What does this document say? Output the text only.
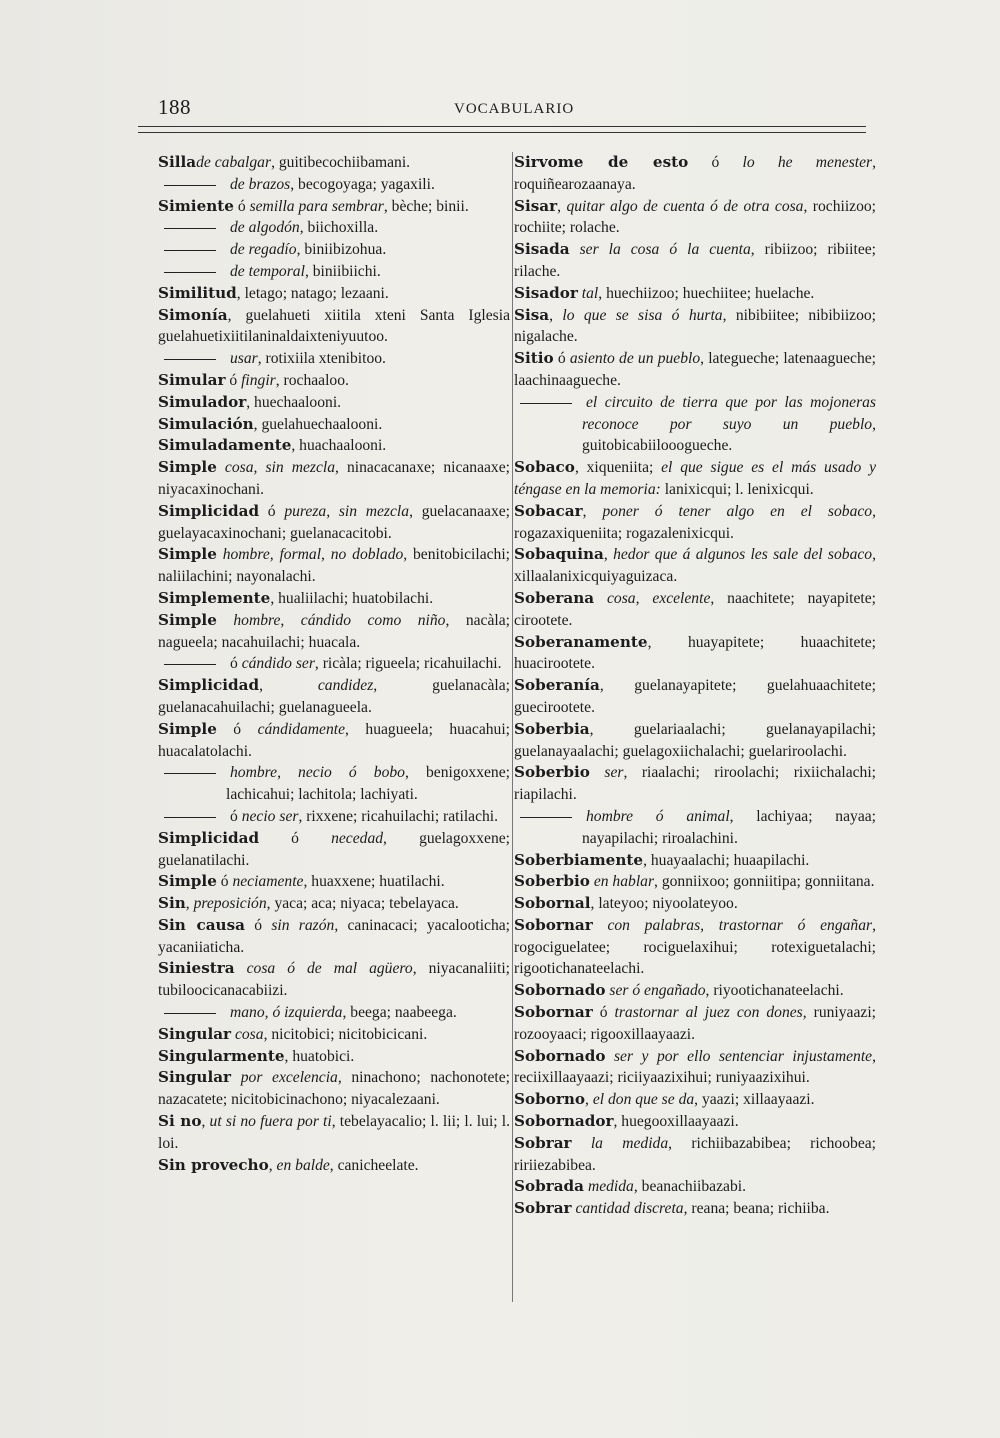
188	VOCABULARIO
Sillade cabalgar, guitibecochiibamani.
de brazos, becogoyaga; yagaxili.
Simiente ó semilla para sembrar, bèche; binii.
de algodón, biichoxilla.
de regadío, biniibizohua.
de temporal, biniibiichi.
Similitud, letago; natago; lezaani.
Simonía, guelahueti xiitila xteni Santa Iglesia guelahuetixiitilaninaldaixteniyuutoo.
usar, rotixiila xtenibitoo.
Simular ó fingir, rochaaloo.
Simulador, huechaalooni.
Simulación, guelahuechaalooni.
Simuladamente, huachaalooni.
Simple cosa, sin mezcla, ninacacanaxe; nicanaaxe; niyacaxinochani.
Simplicidad ó pureza, sin mezcla, guelacanaaxe; guelayacaxinochani; guelanacacitobi.
Simple hombre, formal, no doblado, benitobicilachi; naliilachini; nayonalachi.
Simplemente, hualiilachi; huatobilachi.
Simple hombre, cándido como niño, nacàla; nagueela; nacahuilachi; huacala.
ó cándido ser, ricàla; rigueela; ricahuilachi.
Simplicidad, candidez, guelanacàla; guelanacahuilachi; guelanagueela.
Simple ó cándidamente, huagueela; huacahui; huacalatolachi.
hombre, necio ó bobo, benigoxxene; lachicahui; lachitola; lachiyati.
ó necio ser, rixxene; ricahuilachi; ratilachi.
Simplicidad ó necedad, guelagoxxene; guelanatilachi.
Simple ó neciamente, huaxxene; huatilachi.
Sin, preposición, yaca; aca; niyaca; tebelayaca.
Sin causa ó sin razón, caninacaci; yacalooticha; yacaniiaticha.
Siniestra cosa ó de mal agüero, niyacanaliiti; tubiloocicanacabiizi.
mano, ó izquierda, beega; naabeega.
Singular cosa, nicitobici; nicitobicicani.
Singularmente, huatobici.
Singular por excelencia, ninachono; nachonotete; nazacatete; nicitobicinachono; niyacalezaani.
Si no, ut si no fuera por ti, tebelayacalio; l. lii; l. lui; l. loi.
Sin provecho, en balde, canicheelate.
Sirvome de esto ó lo he menester, roquiñearozaanaya.
Sisar, quitar algo de cuenta ó de otra cosa, rochiizoo; rochiite; rolache.
Sisada ser la cosa ó la cuenta, ribiizoo; ribiitee; rilache.
Sisador tal, huechiizoo; huechiitee; huelache.
Sisa, lo que se sisa ó hurta, nibibiitee; nibibiizoo; nigalache.
Sitio ó asiento de un pueblo, lategueche; latenaagueche; laachinaagueche.
el circuito de tierra que por las mojoneras reconoce por suyo un pueblo, guitobicabiilooogueche.
Sobaco, xiqueniita; el que sigue es el más usado y téngase en la memoria: lanixicqui; l. lenixicqui.
Sobacar, poner ó tener algo en el sobaco, rogazaxiqueniita; rogazalenixicqui.
Sobaquina, hedor que á algunos les sale del sobaco, xillaalanixicquiyaguizaca.
Soberana cosa, excelente, naachitete; nayapitete; cirootete.
Soberanamente, huayapitete; huaachitete; huacirootete.
Soberanía, guelanayapitete; guelahuaachitete; guecirootete.
Soberbia, guelariaalachi; guelanayapilachi; guelanayaalachi; guelagoxiichalachi; guelariroolachi.
Soberbio ser, riaalachi; riroolachi; rixiichalachi; riapilachi.
hombre ó animal, lachiyaa; nayaa; nayapilachi; riroalachini.
Soberbiamente, huayaalachi; huaapilachi.
Soberbio en hablar, gonniixoo; gonniitipa; gonniitana.
Sobornal, lateyoo; niyoolateyoo.
Sobornar con palabras, trastornar ó engañar, rogociguelatee; rociguelaxihui; rotexiguetalachi; rigootichanateelachi.
Sobornado ser ó engañado, riyootichanateelachi.
Sobornar ó trastornar al juez con dones, runiyaazi; rozooyaaci; rigooxillaayaazi.
Sobornado ser y por ello sentenciar injustamente, reciixillaayaazi; riciiyaazixihui; runiyaazixihui.
Soborno, el don que se da, yaazi; xillaayaazi.
Sobornador, huegooxillaayaazi.
Sobrar la medida, richiibazabibea; richoobea; ririiezabibea.
Sobrada medida, beanachiibazabi.
Sobrar cantidad discreta, reana; beana; richiiba.
